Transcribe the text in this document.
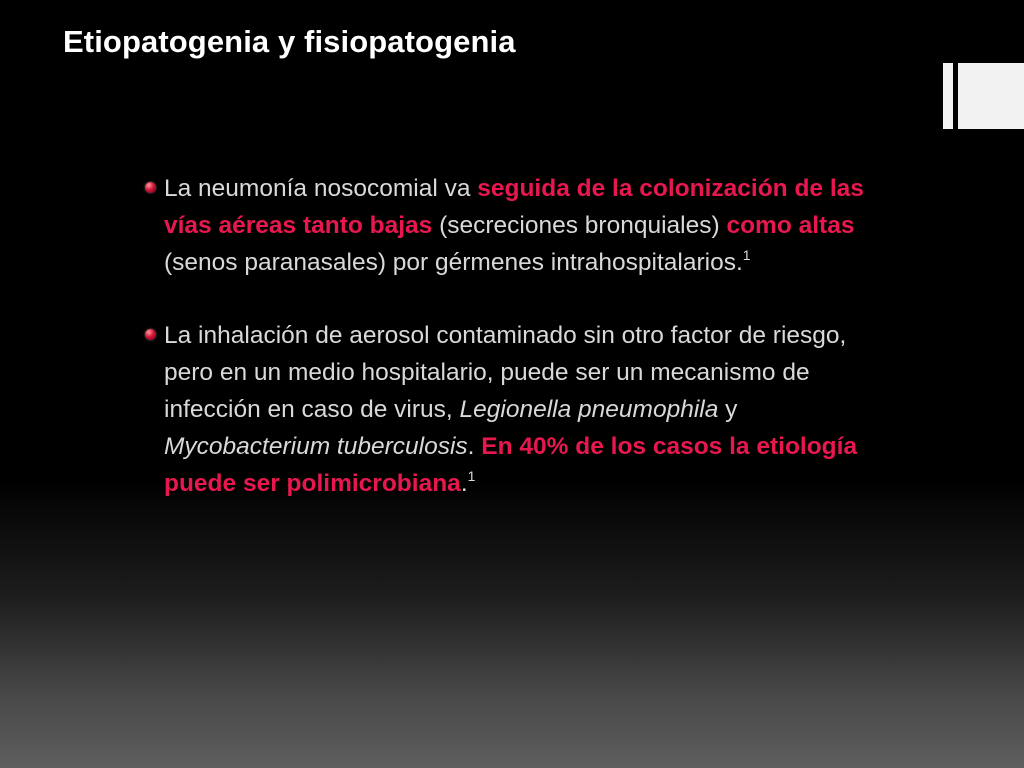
Etiopatogenia y fisiopatogenia

La neumonía nosocomial va seguida de la colonización de las vías aéreas tanto bajas (secreciones bronquiales) como altas (senos paranasales) por gérmenes intrahospitalarios.$^1$

La inhalación de aerosol contaminado sin otro factor de riesgo, pero en un medio hospitalario, puede ser un mecanismo de infección en caso de virus, Legionella pneumophila y Mycobacterium tuberculosis. En 40% de los casos la etiología puede ser polimicrobiana.$^1$
